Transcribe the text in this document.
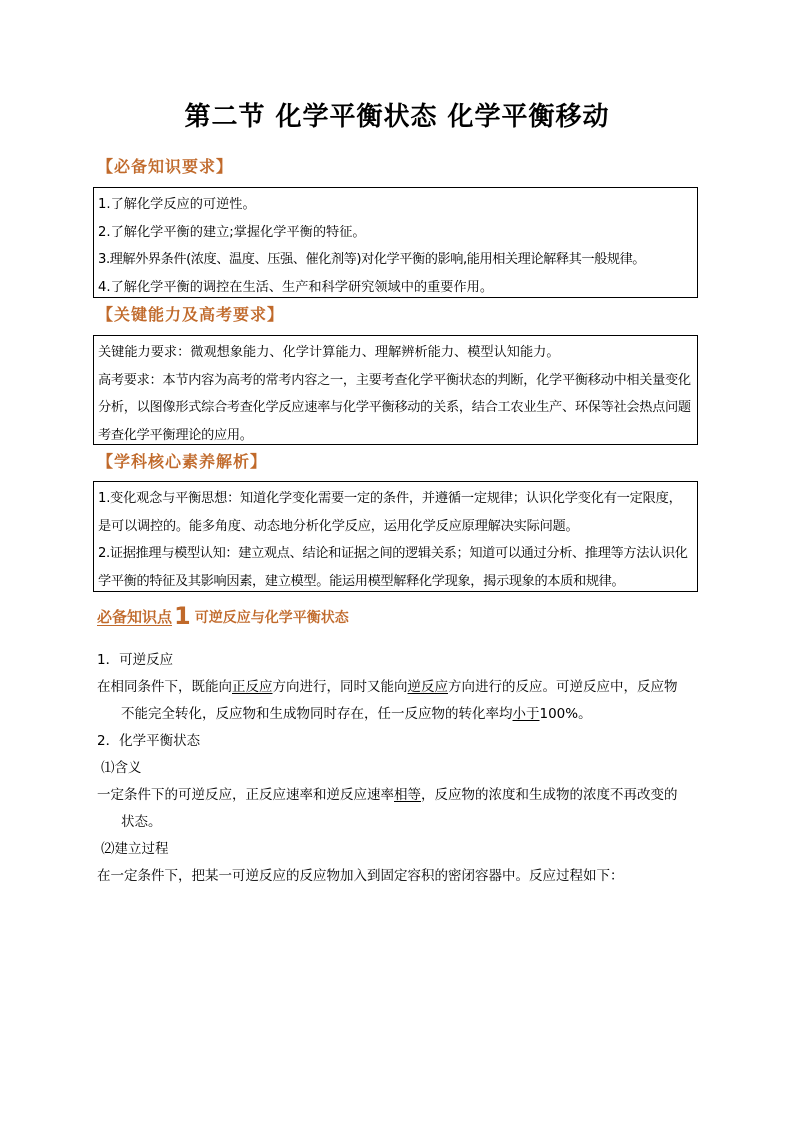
第二节 化学平衡状态 化学平衡移动
【必备知识要求】
1.了解化学反应的可逆性。
2.了解化学平衡的建立;掌握化学平衡的特征。
3.理解外界条件(浓度、温度、压强、催化剂等)对化学平衡的影响,能用相关理论解释其一般规律。
4.了解化学平衡的调控在生活、生产和科学研究领域中的重要作用。
【关键能力及高考要求】
关键能力要求：微观想象能力、化学计算能力、理解辨析能力、模型认知能力。
高考要求：本节内容为高考的常考内容之一，主要考查化学平衡状态的判断，化学平衡移动中相关量变化分析，以图像形式综合考查化学反应速率与化学平衡移动的关系，结合工农业生产、环保等社会热点问题考查化学平衡理论的应用。
【学科核心素养解析】
1.变化观念与平衡思想：知道化学变化需要一定的条件，并遵循一定规律；认识化学变化有一定限度，是可以调控的。能多角度、动态地分析化学反应，运用化学反应原理解决实际问题。
2.证据推理与模型认知：建立观点、结论和证据之间的逻辑关系；知道可以通过分析、推理等方法认识化学平衡的特征及其影响因素，建立模型。能运用模型解释化学现象，揭示现象的本质和规律。
必备知识点1 可逆反应与化学平衡状态

1．可逆反应

在相同条件下，既能向正反应方向进行，同时又能向逆反应方向进行的反应。可逆反应中，反应物
不能完全转化，反应物和生成物同时存在，任一反应物的转化率均小于100%。

2．化学平衡状态

⑴含义

一定条件下的可逆反应，正反应速率和逆反应速率相等，反应物的浓度和生成物的浓度不再改变的
状态。

⑵建立过程

在一定条件下，把某一可逆反应的反应物加入到固定容积的密闭容器中。反应过程如下：
